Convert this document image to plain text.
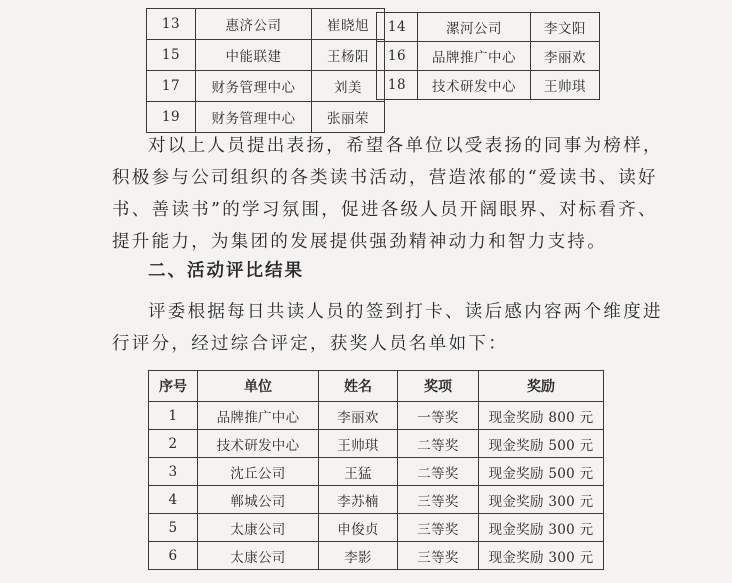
13	惠济公司	崔晓旭
15	中能联建	王杨阳
17	财务管理中心	刘美
19	财务管理中心	张丽荣
14	漯河公司	李文阳
16	品牌推广中心	李丽欢
18	技术研发中心	王帅琪

对以上人员提出表扬，希望各单位以受表扬的同事为榜样，
积极参与公司组织的各类读书活动，营造浓郁的“爱读书、读好
书、善读书”的学习氛围，促进各级人员开阔眼界、对标看齐、
提升能力，为集团的发展提供强劲精神动力和智力支持。

二、活动评比结果

评委根据每日共读人员的签到打卡、读后感内容两个维度进
行评分，经过综合评定，获奖人员名单如下：

序号	单位	姓名	奖项	奖励
1	品牌推广中心	李丽欢	一等奖	现金奖励 800 元
2	技术研发中心	王帅琪	二等奖	现金奖励 500 元
3	沈丘公司	王猛	二等奖	现金奖励 500 元
4	郸城公司	李苏楠	三等奖	现金奖励 300 元
5	太康公司	申俊贞	三等奖	现金奖励 300 元
6	太康公司	李影	三等奖	现金奖励 300 元
